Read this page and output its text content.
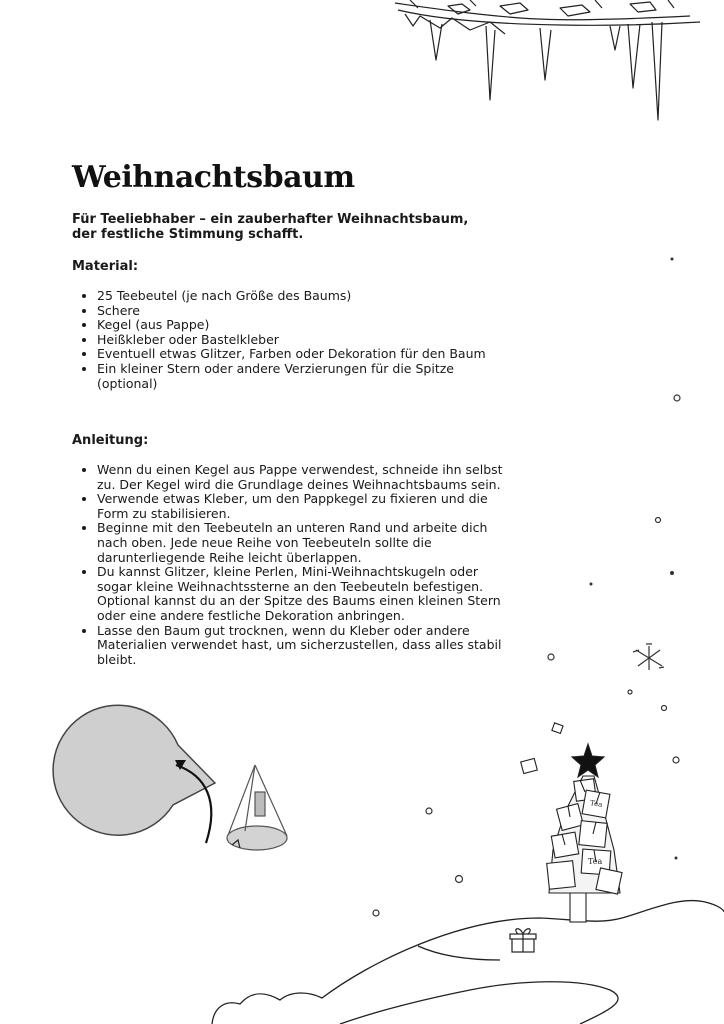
Tea
Tea
Weihnachtsbaum

Für Teeliebhaber – ein zauberhafter Weihnachtsbaum, der festliche Stimmung schafft.

Material:

• 25 Teebeutel (je nach Größe des Baums)
• Schere
• Kegel (aus Pappe)
• Heißkleber oder Bastelkleber
• Eventuell etwas Glitzer, Farben oder Dekoration für den Baum
• Ein kleiner Stern oder andere Verzierungen für die Spitze (optional)

Anleitung:

• Wenn du einen Kegel aus Pappe verwendest, schneide ihn selbst zu. Der Kegel wird die Grundlage deines Weihnachtsbaums sein.
• Verwende etwas Kleber, um den Pappkegel zu fixieren und die Form zu stabilisieren.
• Beginne mit den Teebeuteln an unteren Rand und arbeite dich nach oben. Jede neue Reihe von Teebeuteln sollte die darunterliegende Reihe leicht überlappen.
• Du kannst Glitzer, kleine Perlen, Mini-Weihnachtskugeln oder sogar kleine Weihnachtssterne an den Teebeuteln befestigen. Optional kannst du an der Spitze des Baums einen kleinen Stern oder eine andere festliche Dekoration anbringen.
• Lasse den Baum gut trocknen, wenn du Kleber oder andere Materialien verwendet hast, um sicherzustellen, dass alles stabil bleibt.
